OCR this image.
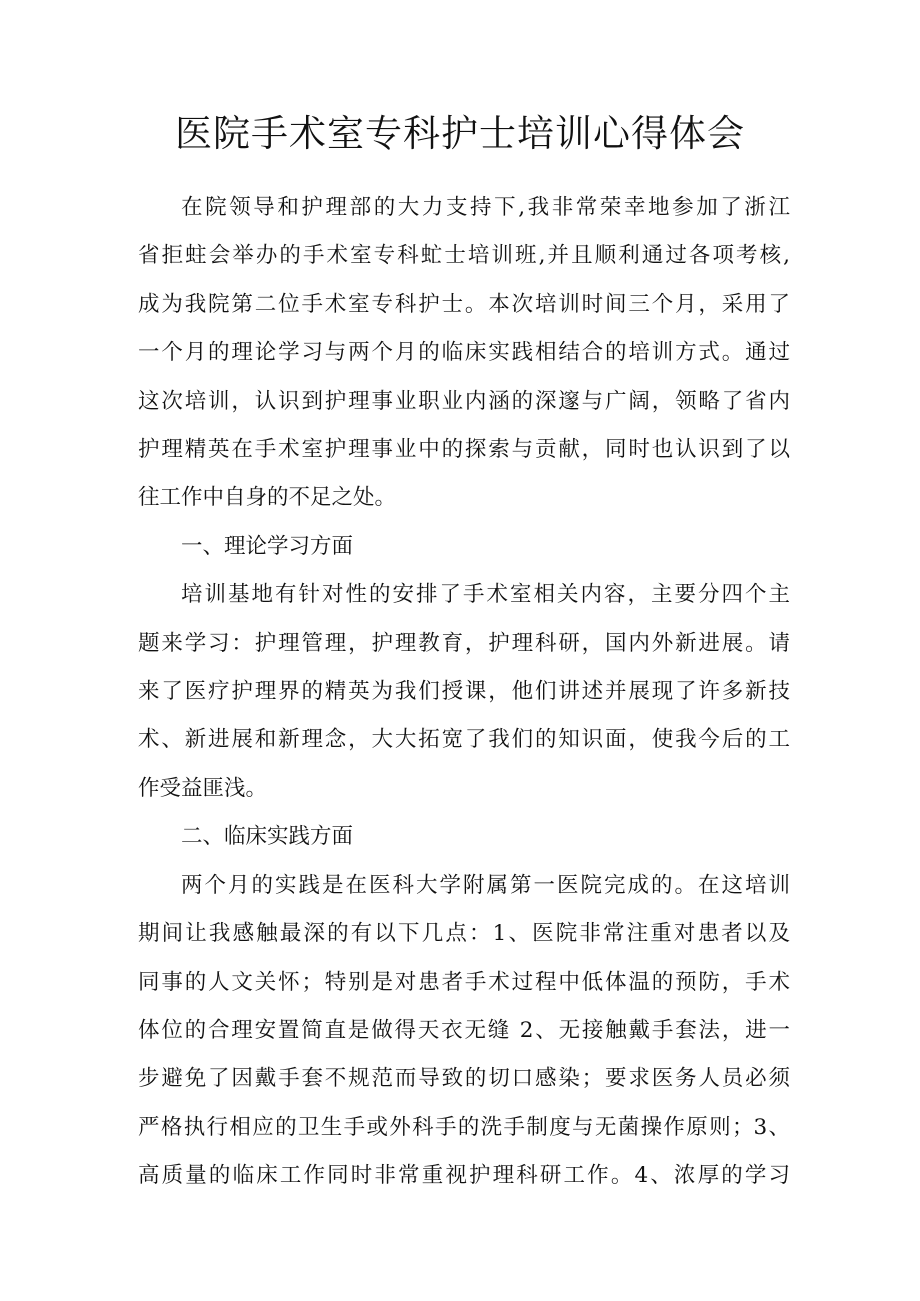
医院手术室专科护士培训心得体会

在院领导和护理部的大力支持下,我非常荣幸地参加了浙江
省拒蛀会举办的手术室专科虻士培训班,并且顺利通过各项考核,
成为我院第二位手术室专科护士。本次培训时间三个月，采用了
一个月的理论学习与两个月的临床实践相结合的培训方式。通过
这次培训，认识到护理事业职业内涵的深邃与广阔，领略了省内
护理精英在手术室护理事业中的探索与贡献，同时也认识到了以
往工作中自身的不足之处。

一、理论学习方面

培训基地有针对性的安排了手术室相关内容，主要分四个主
题来学习：护理管理，护理教育，护理科研，国内外新进展。请
来了医疗护理界的精英为我们授课，他们讲述并展现了许多新技
术、新进展和新理念，大大拓宽了我们的知识面，使我今后的工
作受益匪浅。

二、临床实践方面

两个月的实践是在医科大学附属第一医院完成的。在这培训
期间让我感触最深的有以下几点：1、医院非常注重对患者以及
同事的人文关怀；特别是对患者手术过程中低体温的预防，手术
体位的合理安置简直是做得天衣无缝 2、无接触戴手套法，进一
步避免了因戴手套不规范而导致的切口感染；要求医务人员必须
严格执行相应的卫生手或外科手的洗手制度与无菌操作原则；3、
高质量的临床工作同时非常重视护理科研工作。4、浓厚的学习
